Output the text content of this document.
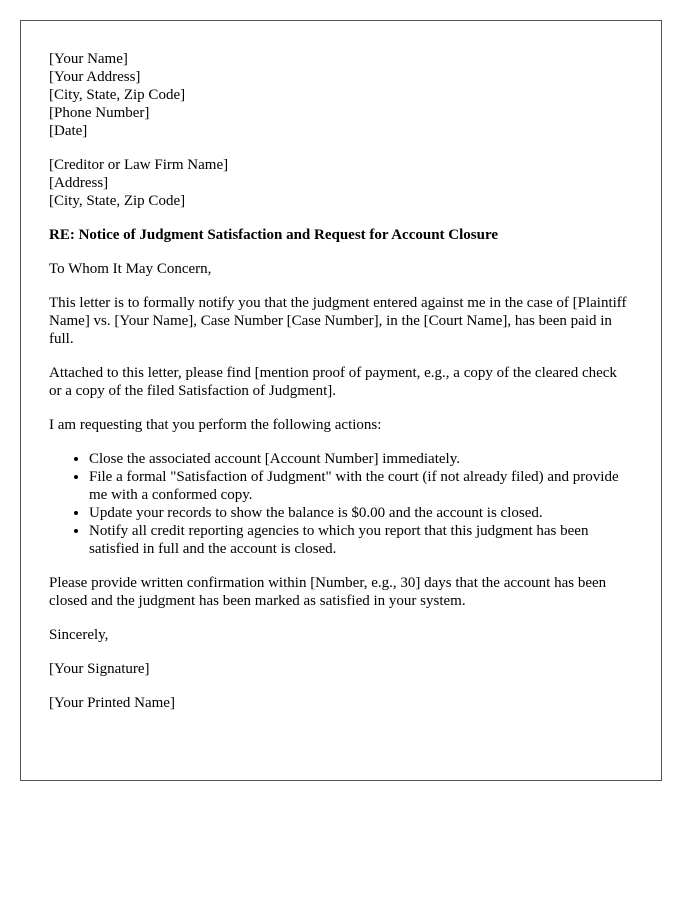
[Your Name]
[Your Address]
[City, State, Zip Code]
[Phone Number]
[Date]
[Creditor or Law Firm Name]
[Address]
[City, State, Zip Code]
RE: Notice of Judgment Satisfaction and Request for Account Closure

To Whom It May Concern,

This letter is to formally notify you that the judgment entered against me in the case of [Plaintiff Name] vs. [Your Name], Case Number [Case Number], in the [Court Name], has been paid in full.

Attached to this letter, please find [mention proof of payment, e.g., a copy of the cleared check or a copy of the filed Satisfaction of Judgment].

I am requesting that you perform the following actions:

• Close the associated account [Account Number] immediately.
• File a formal "Satisfaction of Judgment" with the court (if not already filed) and provide me with a conformed copy.
• Update your records to show the balance is $0.00 and the account is closed.
• Notify all credit reporting agencies to which you report that this judgment has been satisfied in full and the account is closed.

Please provide written confirmation within [Number, e.g., 30] days that the account has been closed and the judgment has been marked as satisfied in your system.

Sincerely,

[Your Signature]

[Your Printed Name]
